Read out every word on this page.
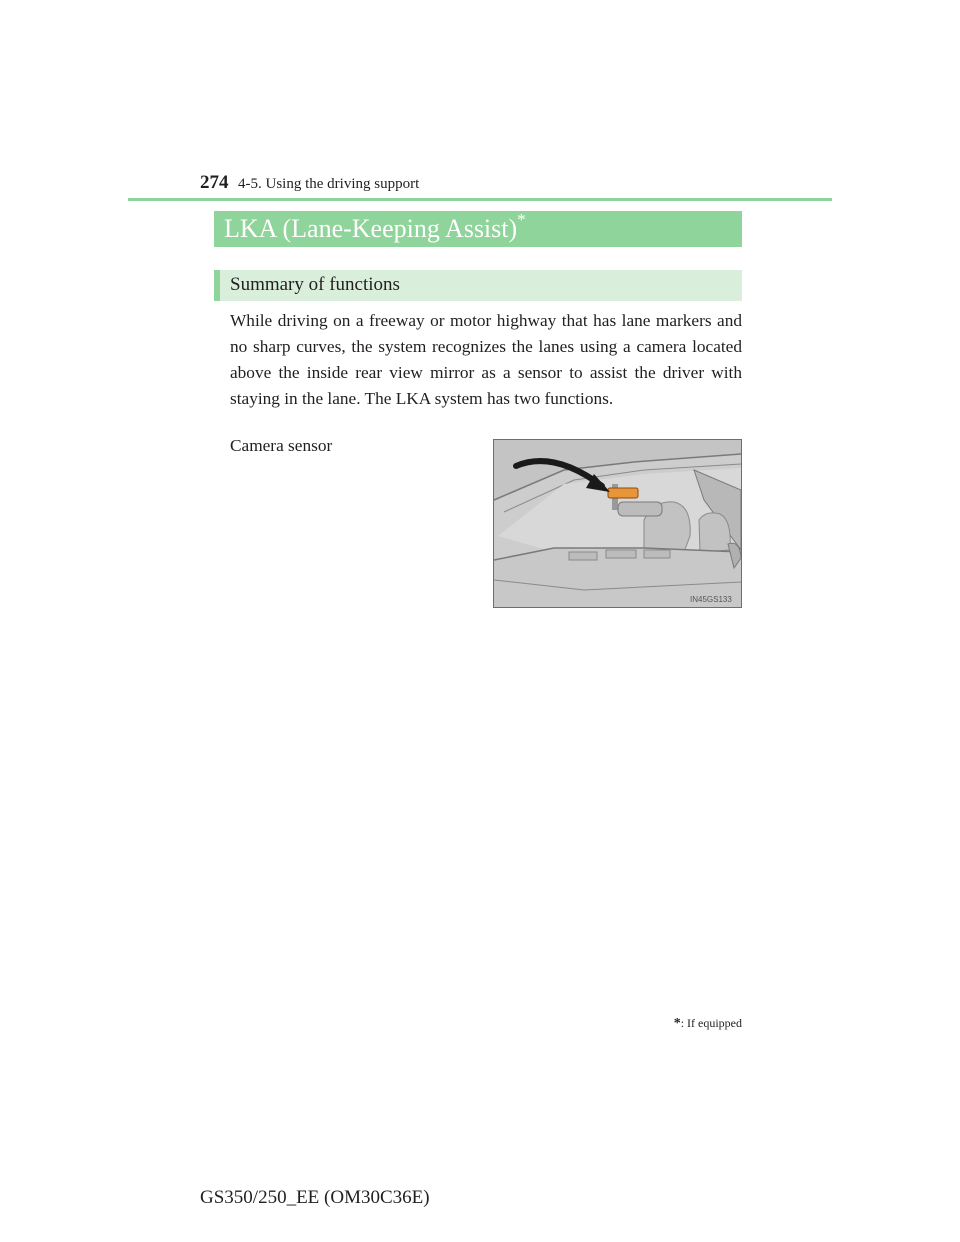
274 4-5. Using the driving support
LKA (Lane-Keeping Assist)*
Summary of functions
While driving on a freeway or motor highway that has lane markers and no sharp curves, the system recognizes the lanes using a camera located above the inside rear view mirror as a sensor to assist the driver with staying in the lane. The LKA system has two functions.
Camera sensor
IN45GS133
*: If equipped
GS350/250_EE (OM30C36E)
